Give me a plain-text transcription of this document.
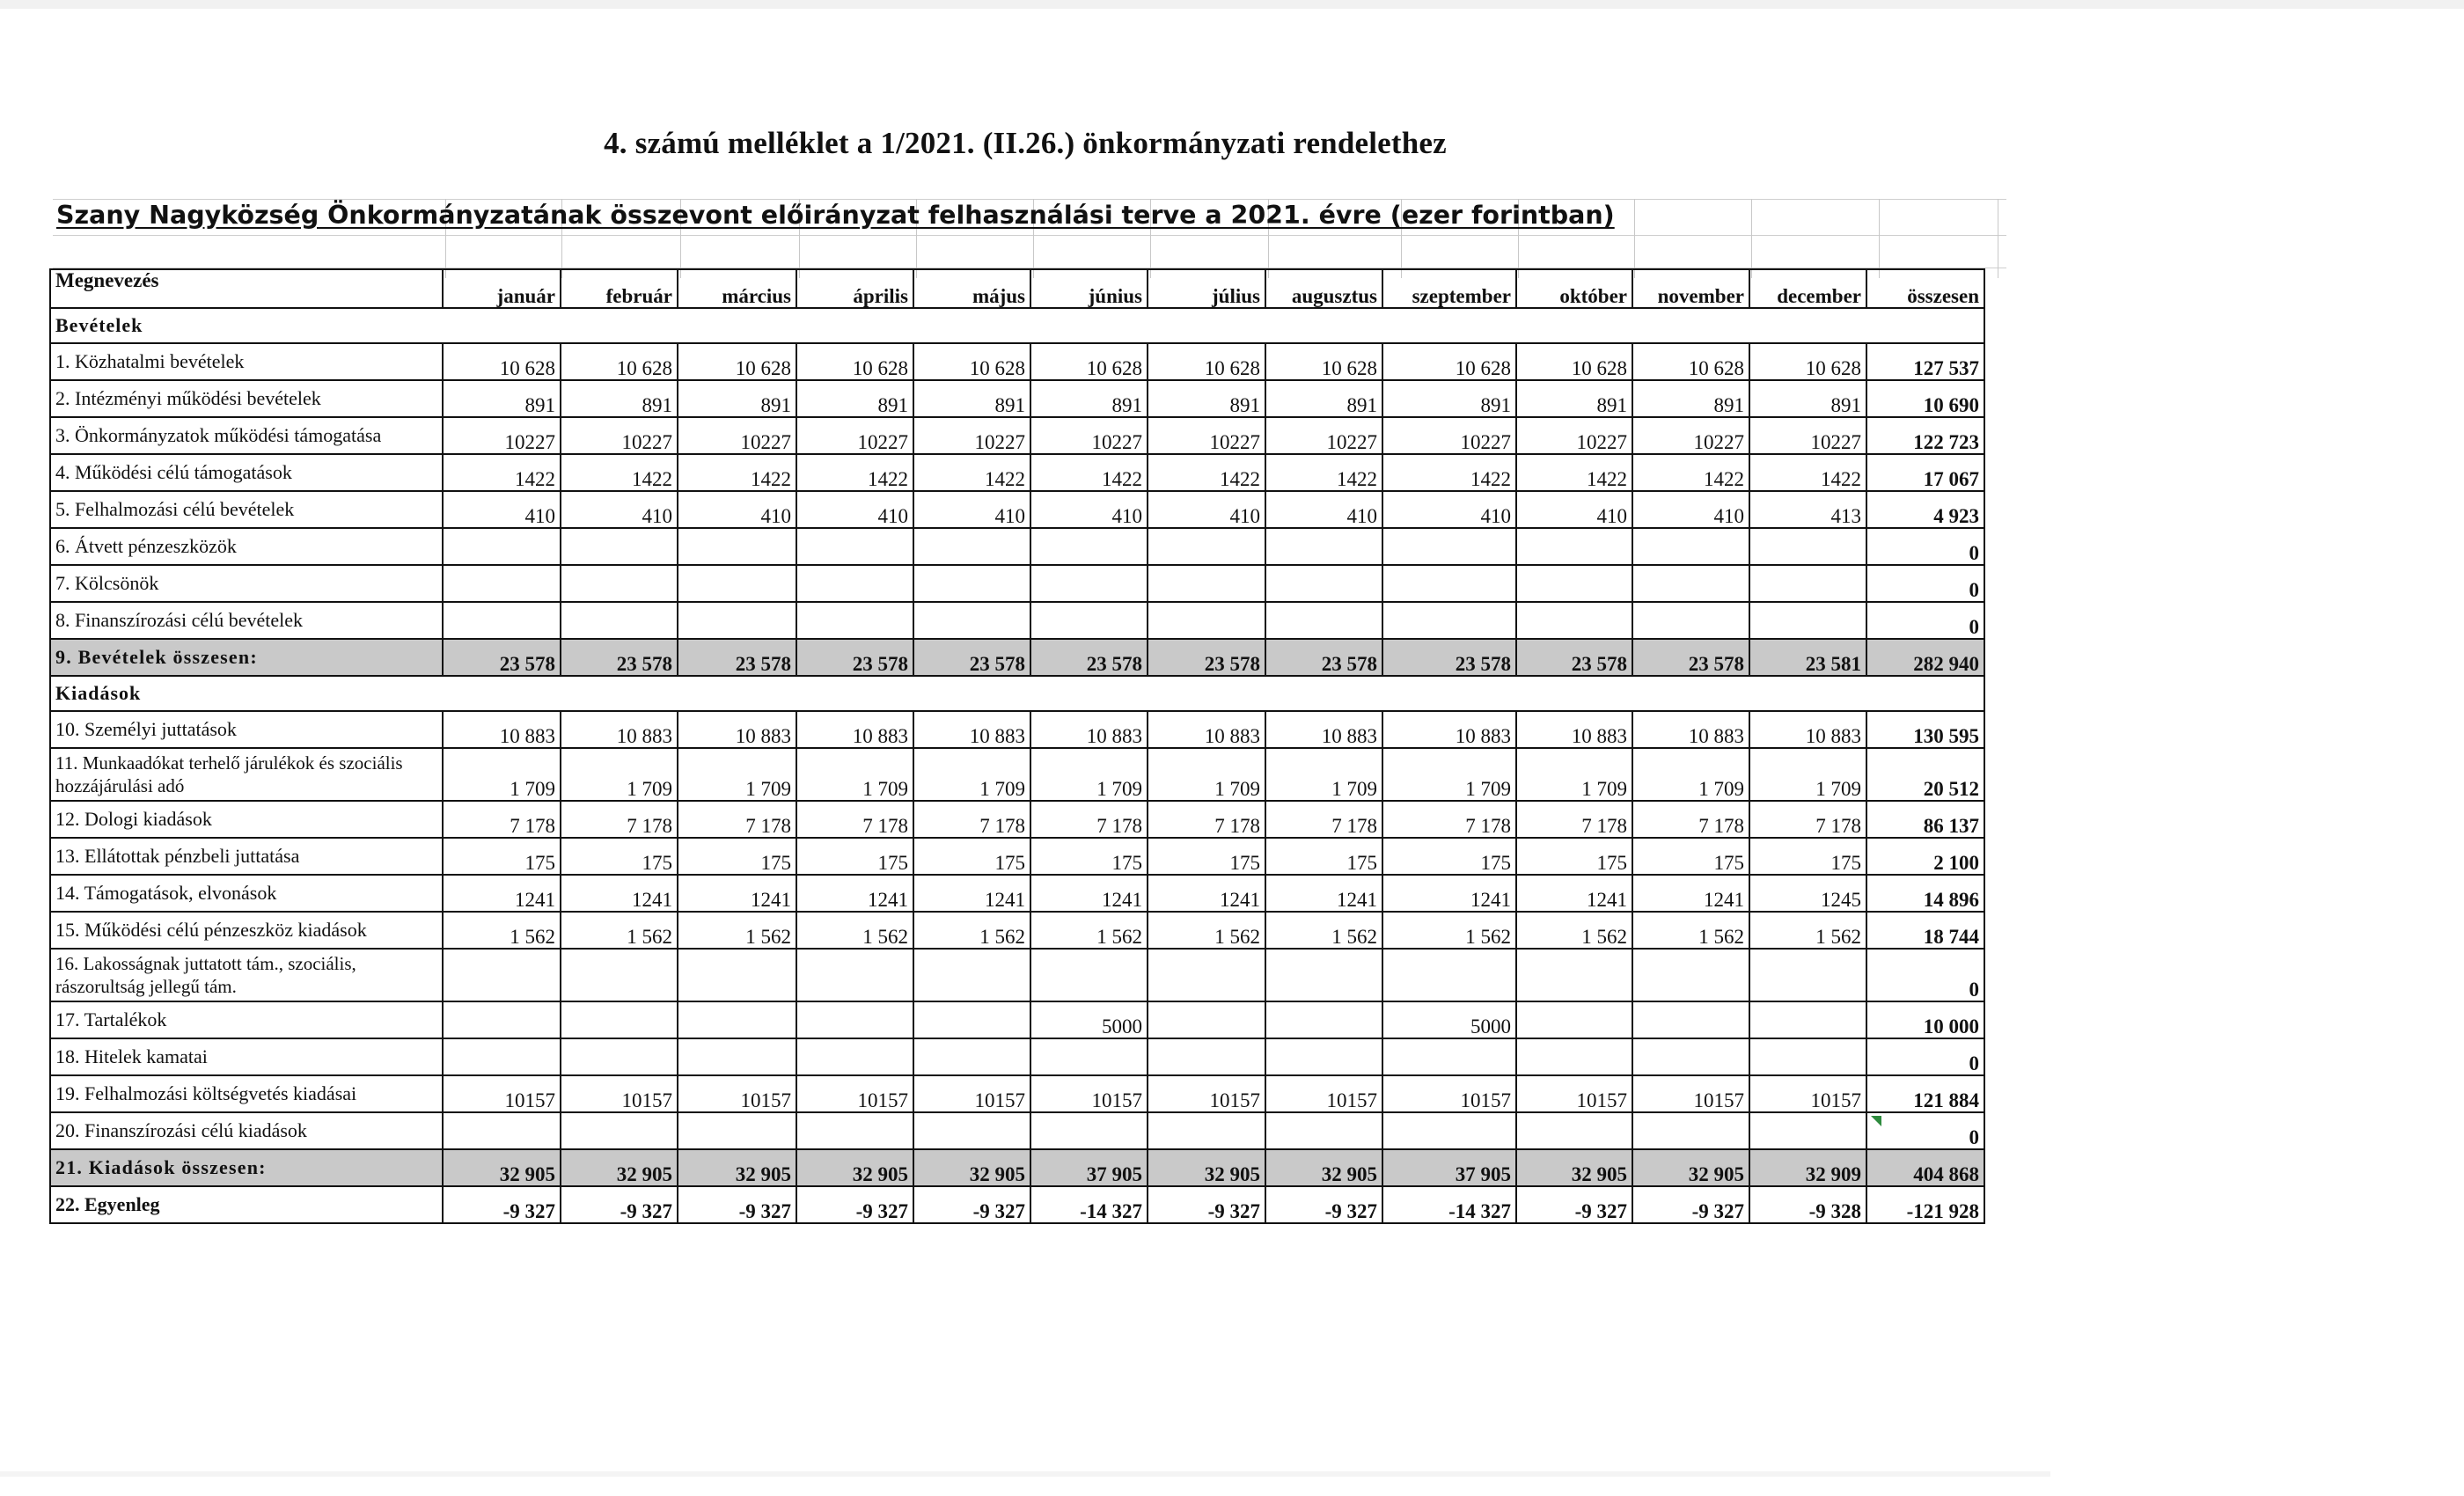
4. számú melléklet a 1/2021. (II.26.) önkormányzati rendelethez
Szany Nagyközség Önkormányzatának összevont előirányzat felhasználási terve a 2021. évre (ezer forintban)
Megnevezés	január	február	március	április	május	június	július	augusztus	szeptember	október	november	december	összesen
Bevételek													
1. Közhatalmi bevételek	10 628	10 628	10 628	10 628	10 628	10 628	10 628	10 628	10 628	10 628	10 628	10 628	127 537
2. Intézményi működési bevételek	891	891	891	891	891	891	891	891	891	891	891	891	10 690
3. Önkormányzatok működési támogatása	10227	10227	10227	10227	10227	10227	10227	10227	10227	10227	10227	10227	122 723
4. Működési célú támogatások	1422	1422	1422	1422	1422	1422	1422	1422	1422	1422	1422	1422	17 067
5. Felhalmozási célú bevételek	410	410	410	410	410	410	410	410	410	410	410	413	4 923
6. Átvett pénzeszközök													0
7. Kölcsönök													0
8. Finanszírozási célú bevételek													0
9. Bevételek összesen:	23 578	23 578	23 578	23 578	23 578	23 578	23 578	23 578	23 578	23 578	23 578	23 581	282 940
Kiadások													
10. Személyi juttatások	10 883	10 883	10 883	10 883	10 883	10 883	10 883	10 883	10 883	10 883	10 883	10 883	130 595
11. Munkaadókat terhelő járulékok és szociális hozzájárulási adó	1 709	1 709	1 709	1 709	1 709	1 709	1 709	1 709	1 709	1 709	1 709	1 709	20 512
12. Dologi kiadások	7 178	7 178	7 178	7 178	7 178	7 178	7 178	7 178	7 178	7 178	7 178	7 178	86 137
13. Ellátottak pénzbeli juttatása	175	175	175	175	175	175	175	175	175	175	175	175	2 100
14. Támogatások, elvonások	1241	1241	1241	1241	1241	1241	1241	1241	1241	1241	1241	1245	14 896
15. Működési célú pénzeszköz kiadások	1 562	1 562	1 562	1 562	1 562	1 562	1 562	1 562	1 562	1 562	1 562	1 562	18 744
16. Lakosságnak juttatott tám., szociális, rászorultság jellegű tám.													0
17. Tartalékok						5000			5000				10 000
18. Hitelek kamatai													0
19. Felhalmozási költségvetés kiadásai	10157	10157	10157	10157	10157	10157	10157	10157	10157	10157	10157	10157	121 884
20. Finanszírozási célú kiadások													0
21. Kiadások összesen:	32 905	32 905	32 905	32 905	32 905	37 905	32 905	32 905	37 905	32 905	32 905	32 909	404 868
22. Egyenleg	-9 327	-9 327	-9 327	-9 327	-9 327	-14 327	-9 327	-9 327	-14 327	-9 327	-9 327	-9 328	-121 928
